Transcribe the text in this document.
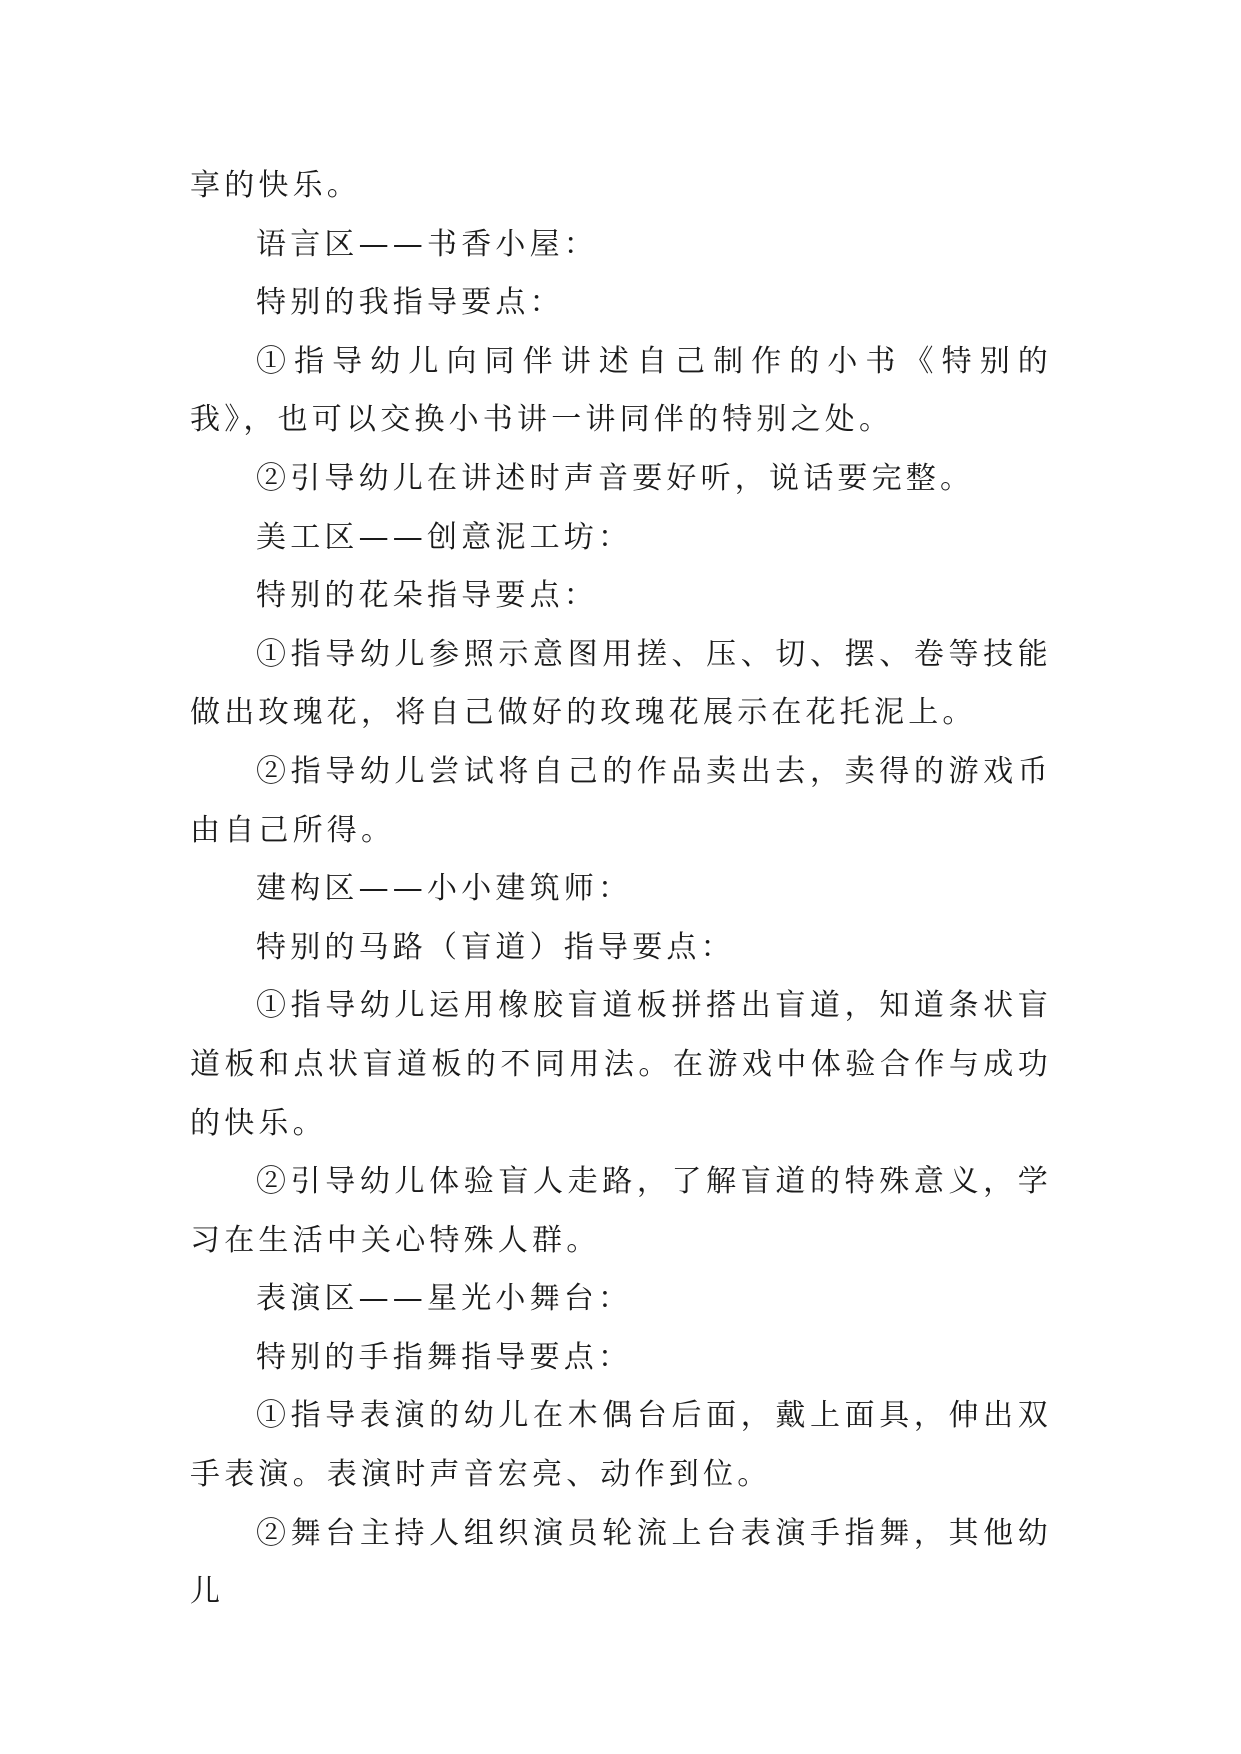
享的快乐。

语言区——书香小屋：

特别的我指导要点：

①指导幼儿向同伴讲述自己制作的小书《特别的我》，也可以交换小书讲一讲同伴的特别之处。

②引导幼儿在讲述时声音要好听，说话要完整。

美工区——创意泥工坊：

特别的花朵指导要点：

①指导幼儿参照示意图用搓、压、切、摆、卷等技能做出玫瑰花，将自己做好的玫瑰花展示在花托泥上。

②指导幼儿尝试将自己的作品卖出去，卖得的游戏币由自己所得。

建构区——小小建筑师：

特别的马路（盲道）指导要点：

①指导幼儿运用橡胶盲道板拼搭出盲道，知道条状盲道板和点状盲道板的不同用法。在游戏中体验合作与成功的快乐。

②引导幼儿体验盲人走路，了解盲道的特殊意义，学习在生活中关心特殊人群。

表演区——星光小舞台：

特别的手指舞指导要点：

①指导表演的幼儿在木偶台后面，戴上面具，伸出双手表演。表演时声音宏亮、动作到位。

②舞台主持人组织演员轮流上台表演手指舞，其他幼儿
